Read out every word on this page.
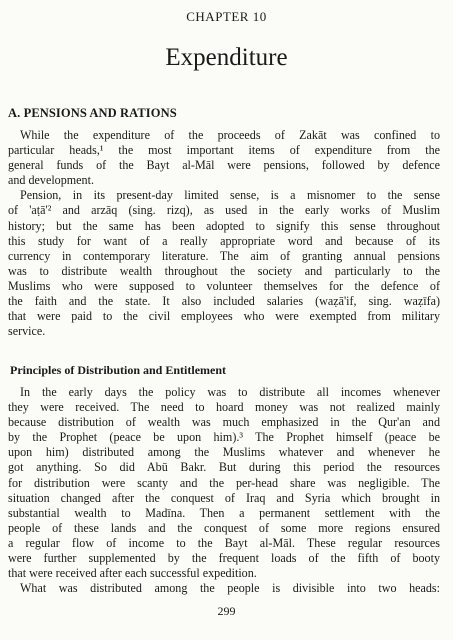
CHAPTER 10
Expenditure
A. PENSIONS AND RATIONS
While the expenditure of the proceeds of Zakāt was confined to
particular heads,¹ the most important items of expenditure from the
general funds of the Bayt al-Māl were pensions, followed by defence
and development.
Pension, in its present-day limited sense, is a misnomer to the sense
of 'aṭā'² and arzāq (sing. rizq), as used in the early works of Muslim
history; but the same has been adopted to signify this sense throughout
this study for want of a really appropriate word and because of its
currency in contemporary literature. The aim of granting annual pensions
was to distribute wealth throughout the society and particularly to the
Muslims who were supposed to volunteer themselves for the defence of
the faith and the state. It also included salaries (waẓā'if, sing. waẓīfa)
that were paid to the civil employees who were exempted from military
service.
Principles of Distribution and Entitlement
In the early days the policy was to distribute all incomes whenever
they were received. The need to hoard money was not realized mainly
because distribution of wealth was much emphasized in the Qur'an and
by the Prophet (peace be upon him).³ The Prophet himself (peace be
upon him) distributed among the Muslims whatever and whenever he
got anything. So did Abū Bakr. But during this period the resources
for distribution were scanty and the per-head share was negligible. The
situation changed after the conquest of Iraq and Syria which brought in
substantial wealth to Madīna. Then a permanent settlement with the
people of these lands and the conquest of some more regions ensured
a regular flow of income to the Bayt al-Māl. These regular resources
were further supplemented by the frequent loads of the fifth of booty
that were received after each successful expedition.
What was distributed among the people is divisible into two heads:
299
